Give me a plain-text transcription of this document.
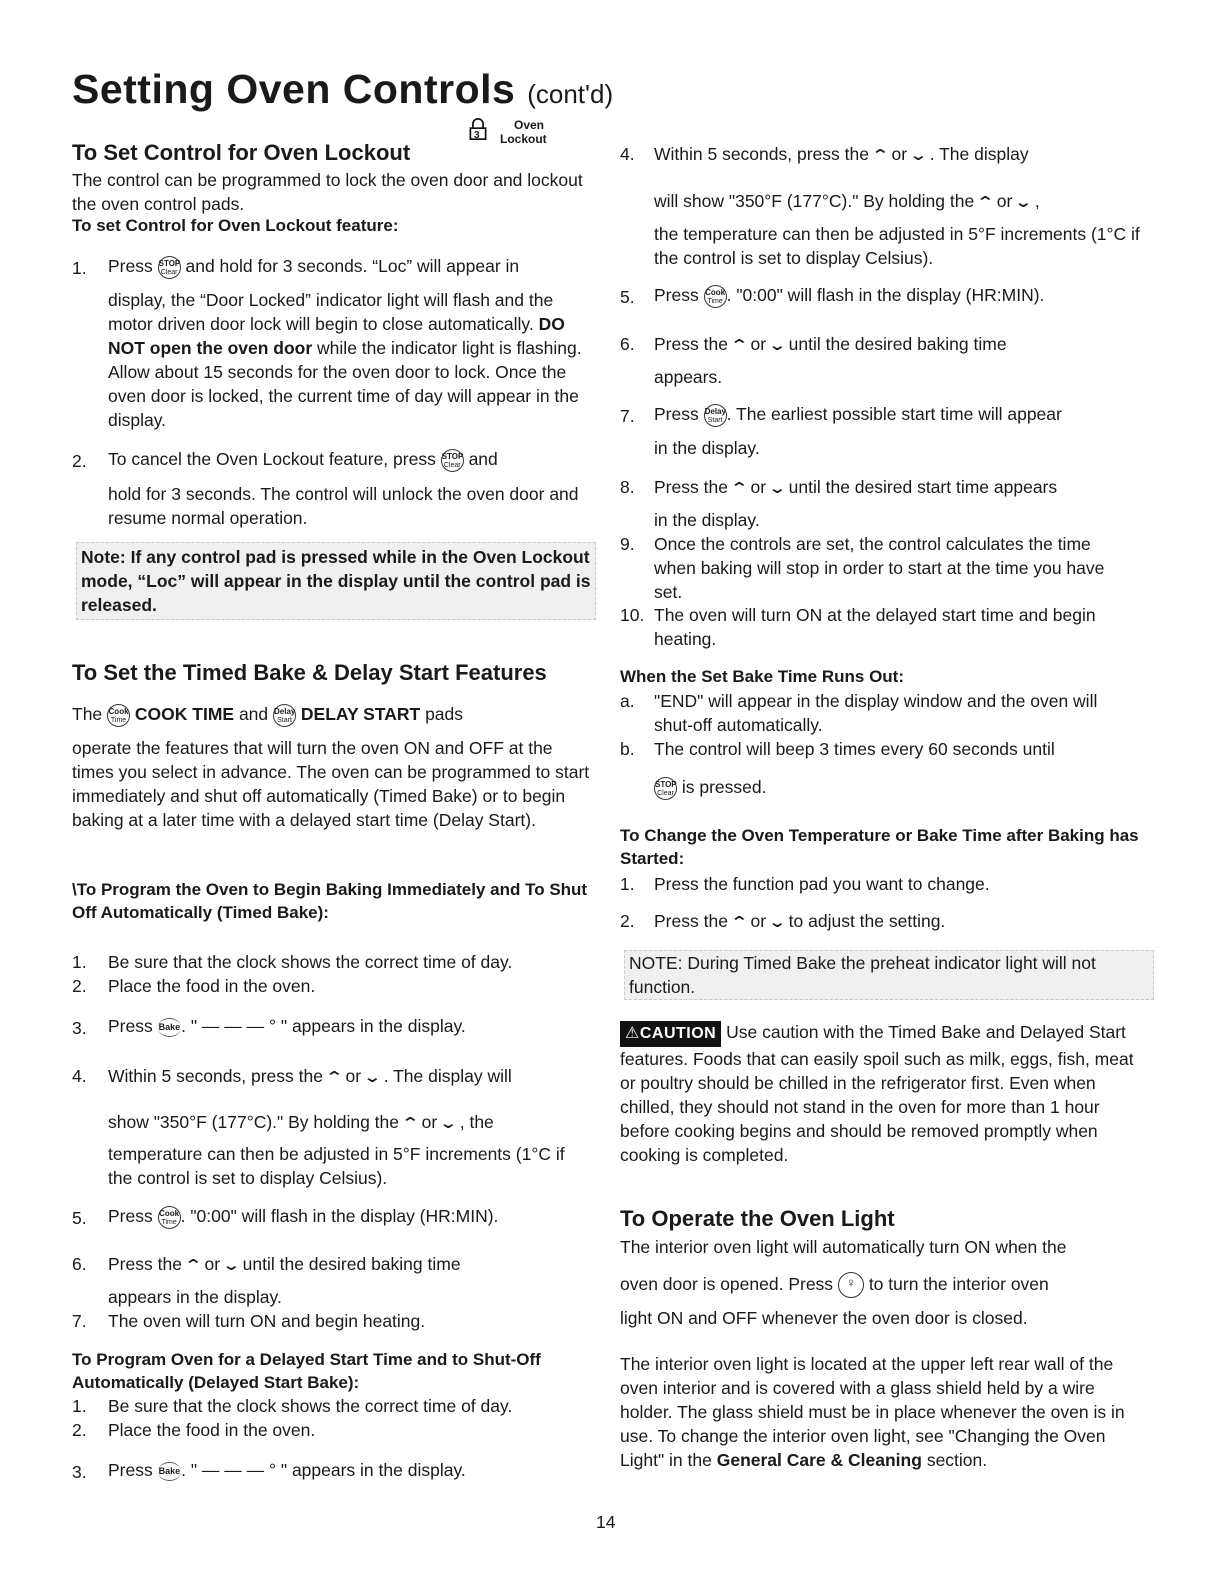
Setting Oven Controls (cont'd)
To Set Control for Oven Lockout
3
Oven
Lockout
The control can be programmed to lock the oven door and lockout the oven control pads.
To set Control for Oven Lockout feature:
1. Press STOP
Clear and hold for 3 seconds. “Loc” will appear in
display, the “Door Locked” indicator light will flash and the motor driven door lock will begin to close automatically. DO NOT open the oven door while the indicator light is flashing. Allow about 15 seconds for the oven door to lock. Once the oven door is locked, the current time of day will appear in the display.
2. To cancel the Oven Lockout feature, press STOP
Clear and
hold for 3 seconds. The control will unlock the oven door and resume normal operation.
Note: If any control pad is pressed while in the Oven Lockout mode, “Loc” will appear in the display until the control pad is released.
To Set the Timed Bake & Delay Start Features
The Cook
Time COOK TIME and Delay
Start DELAY START pads
operate the features that will turn the oven ON and OFF at the times you select in advance. The oven can be programmed to start immediately and shut off automatically (Timed Bake) or to begin baking at a later time with a delayed start time (Delay Start).
\To Program the Oven to Begin Baking Immediately and To Shut Off Automatically (Timed Bake):
1. Be sure that the clock shows the correct time of day.
2. Place the food in the oven.
3. Press Bake. " — — — ° " appears in the display.
4. Within 5 seconds, press the ⌃ or ⌄ . The display will
show "350°F (177°C)." By holding the ⌃ or ⌄ , the
temperature can then be adjusted in 5°F increments (1°C if the control is set to display Celsius).
5. Press Cook
Time . "0:00" will flash in the display (HR:MIN).
6. Press the ⌃ or ⌄ until the desired baking time
appears in the display.
7. The oven will turn ON and begin heating.
To Program Oven for a Delayed Start Time and to Shut-Off Automatically (Delayed Start Bake):
1. Be sure that the clock shows the correct time of day.
2. Place the food in the oven.
3. Press Bake. " — — — ° " appears in the display.
4. Within 5 seconds, press the ⌃ or ⌄ . The display
will show "350°F (177°C)." By holding the ⌃ or ⌄ ,
the temperature can then be adjusted in 5°F increments (1°C if the control is set to display Celsius).
5. Press Cook
Time . "0:00" will flash in the display (HR:MIN).
6. Press the ⌃ or ⌄ until the desired baking time
appears.
7. Press Delay
Start . The earliest possible start time will appear
in the display.
8. Press the ⌃ or ⌄ until the desired start time appears
in the display.
9. Once the controls are set, the control calculates the time when baking will stop in order to start at the time you have set.
10. The oven will turn ON at the delayed start time and begin heating.
When the Set Bake Time Runs Out:
a. "END" will appear in the display window and the oven will shut-off automatically.
b. The control will beep 3 times every 60 seconds until
STOP
Clear is pressed.
To Change the Oven Temperature or Bake Time after Baking has Started:
1. Press the function pad you want to change.
2. Press the ⌃ or ⌄ to adjust the setting.
NOTE: During Timed Bake the preheat indicator light will not function.
⚠CAUTION Use caution with the Timed Bake and Delayed Start features. Foods that can easily spoil such as milk, eggs, fish, meat or poultry should be chilled in the refrigerator first. Even when chilled, they should not stand in the oven for more than 1 hour before cooking begins and should be removed promptly when cooking is completed.
To Operate the Oven Light
The interior oven light will automatically turn ON when the
oven door is opened. Press ♀ to turn the interior oven
light ON and OFF whenever the oven door is closed.
The interior oven light is located at the upper left rear wall of the oven interior and is covered with a glass shield held by a wire holder. The glass shield must be in place whenever the oven is in use. To change the interior oven light, see "Changing the Oven Light" in the General Care & Cleaning section.
14
